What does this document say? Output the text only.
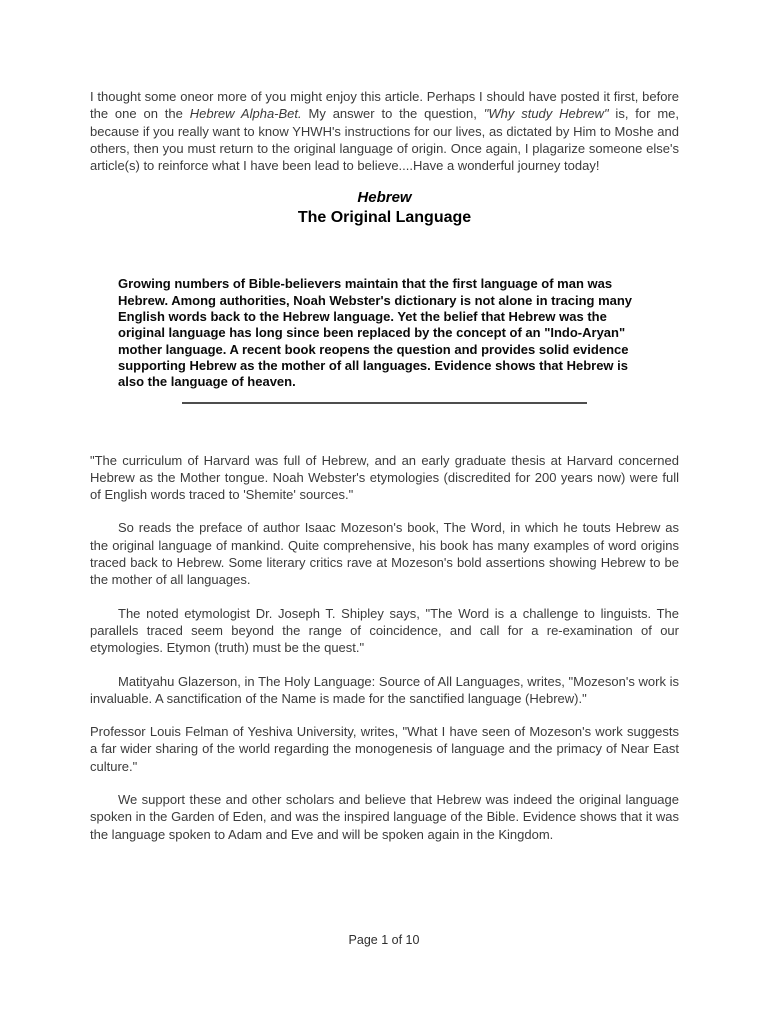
I thought some oneor more of you might enjoy this article. Perhaps I should have posted it first, before the one on the Hebrew Alpha-Bet. My answer to the question, "Why study Hebrew" is, for me, because if you really want to know YHWH's instructions for our lives, as dictated by Him to Moshe and others, then you must return to the original language of origin. Once again, I plagarize someone else's article(s) to reinforce what I have been lead to believe....Have a wonderful journey today!

Hebrew

The Original Language

Growing numbers of Bible-believers maintain that the first language of man was Hebrew. Among authorities, Noah Webster's dictionary is not alone in tracing many English words back to the Hebrew language. Yet the belief that Hebrew was the original language has long since been replaced by the concept of an "Indo-Aryan" mother language. A recent book reopens the question and provides solid evidence supporting Hebrew as the mother of all languages. Evidence shows that Hebrew is also the language of heaven.

"The curriculum of Harvard was full of Hebrew, and an early graduate thesis at Harvard concerned Hebrew as the Mother tongue. Noah Webster's etymologies (discredited for 200 years now) were full of English words traced to 'Shemite' sources."

So reads the preface of author Isaac Mozeson's book, The Word, in which he touts Hebrew as the original language of mankind. Quite comprehensive, his book has many examples of word origins traced back to Hebrew. Some literary critics rave at Mozeson's bold assertions showing Hebrew to be the mother of all languages.

The noted etymologist Dr. Joseph T. Shipley says, "The Word is a challenge to linguists. The parallels traced seem beyond the range of coincidence, and call for a re-examination of our etymologies. Etymon (truth) must be the quest."

Matityahu Glazerson, in The Holy Language: Source of All Languages, writes, "Mozeson's work is invaluable. A sanctification of the Name is made for the sanctified language (Hebrew)."

Professor Louis Felman of Yeshiva University, writes, "What I have seen of Mozeson's work suggests a far wider sharing of the world regarding the monogenesis of language and the primacy of Near East culture."

We support these and other scholars and believe that Hebrew was indeed the original language spoken in the Garden of Eden, and was the inspired language of the Bible. Evidence shows that it was the language spoken to Adam and Eve and will be spoken again in the Kingdom.

Page 1 of 10
